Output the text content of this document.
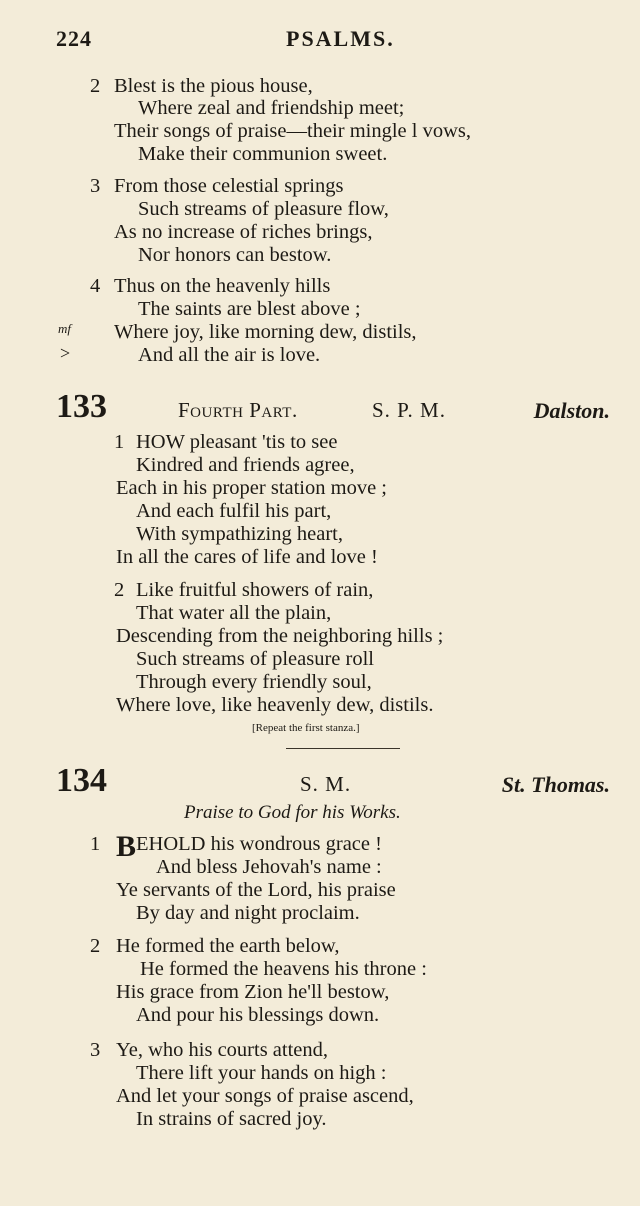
224	PSALMS.
2 Blest is the pious house,
Where zeal and friendship meet;
Their songs of praise—their mingle l vows,
Make their communion sweet.
3 From those celestial springs
Such streams of pleasure flow,
As no increase of riches brings,
Nor honors can bestow.
4 Thus on the heavenly hills
The saints are blest above ;
mf Where joy, like morning dew, distils,
>	And all the air is love.
133	Fourth Part.	S. P. M.	Dalston.
1 HOW pleasant 'tis to see
Kindred and friends agree,
Each in his proper station move ;
And each fulfil his part,
With sympathizing heart,
In all the cares of life and love !
2 Like fruitful showers of rain,
That water all the plain,
Descending from the neighboring hills ;
Such streams of pleasure roll
Through every friendly soul,
Where love, like heavenly dew, distils.
[Repeat the first stanza.]
134	S. M.	St. Thomas.
Praise to God for his Works.
1 BEHOLD his wondrous grace !
And bless Jehovah's name :
Ye servants of the Lord, his praise
By day and night proclaim.
2 He formed the earth below,
He formed the heavens his throne :
His grace from Zion he'll bestow,
And pour his blessings down.
3 Ye, who his courts attend,
There lift your hands on high :
And let your songs of praise ascend,
In strains of sacred joy.
